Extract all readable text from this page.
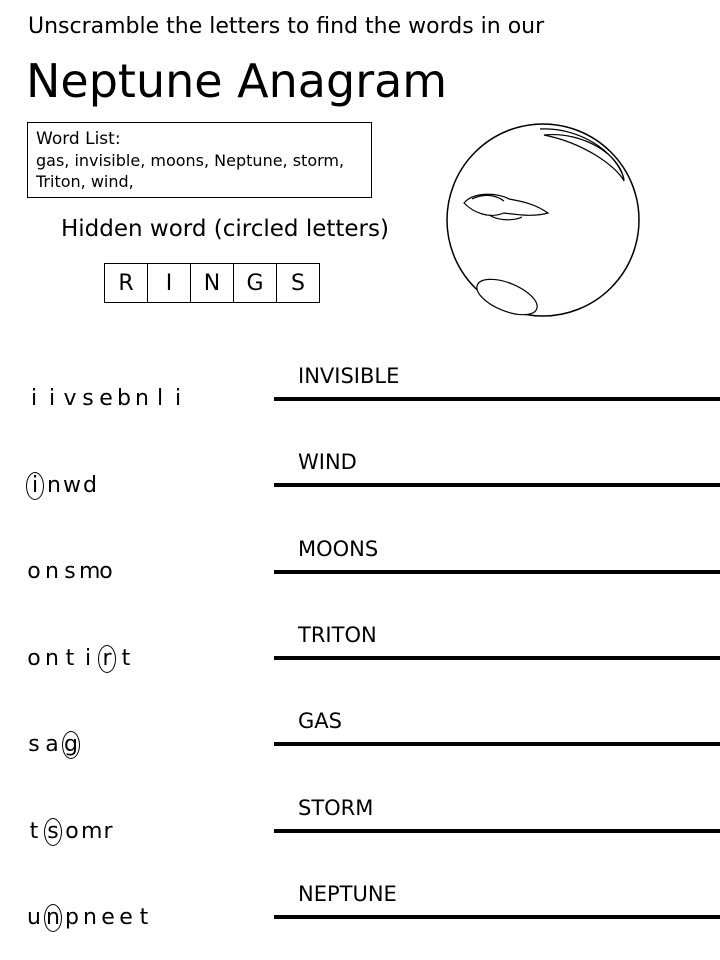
Unscramble the letters to find the words in our
Neptune Anagram
Word List:
gas, invisible, moons, Neptune, storm,
Triton, wind,
Hidden word (circled letters)
R	I	N	G	S
i i v s e b n l i
INVISIBLE
i nwd
WIND
o n s mo
MOONS
o n t i r t
TRITON
s a g
GAS
t s o mr
STORM
u n p n e e t
NEPTUNE
